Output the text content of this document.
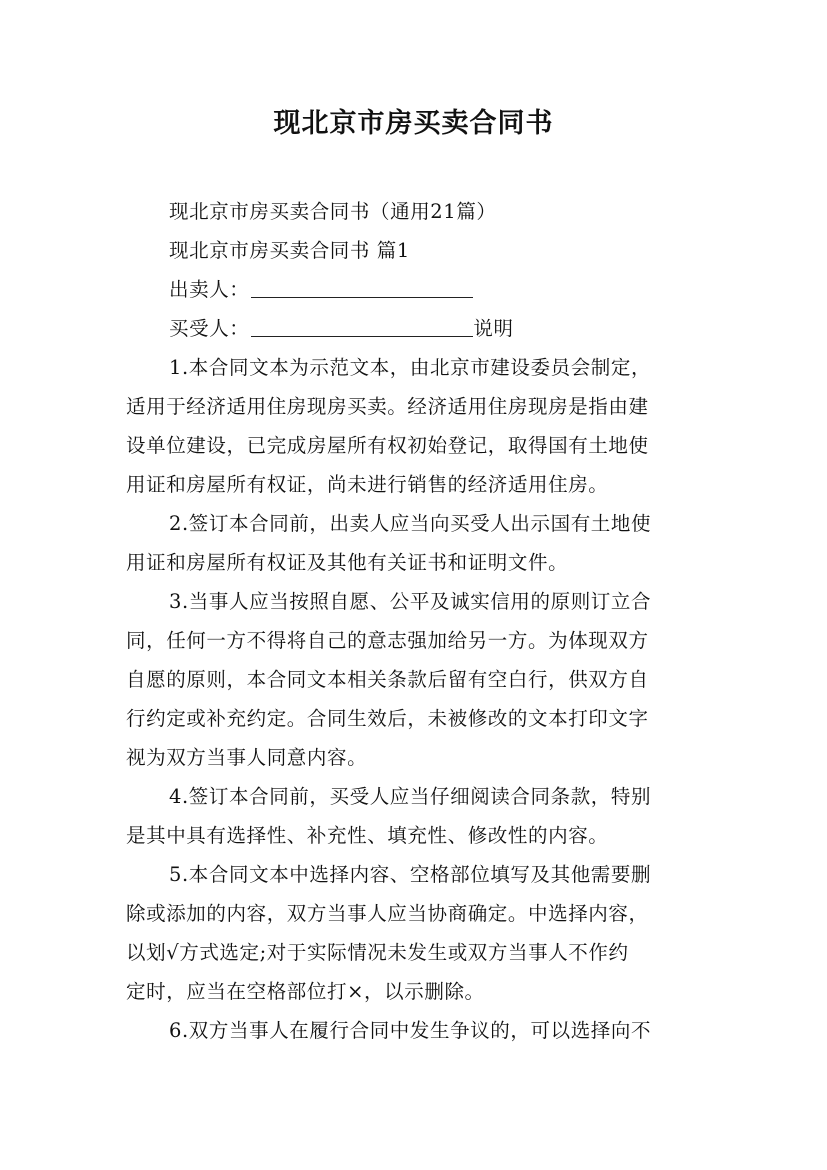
现北京市房买卖合同书
现北京市房买卖合同书（通用21篇）
现北京市房买卖合同书 篇1
出卖人：
买受人：	说明
1.本合同文本为示范文本，由北京市建设委员会制定，
适用于经济适用住房现房买卖。经济适用住房现房是指由建
设单位建设，已完成房屋所有权初始登记，取得国有土地使
用证和房屋所有权证，尚未进行销售的经济适用住房。
2.签订本合同前，出卖人应当向买受人出示国有土地使
用证和房屋所有权证及其他有关证书和证明文件。
3.当事人应当按照自愿、公平及诚实信用的原则订立合
同，任何一方不得将自己的意志强加给另一方。为体现双方
自愿的原则，本合同文本相关条款后留有空白行，供双方自
行约定或补充约定。合同生效后，未被修改的文本打印文字
视为双方当事人同意内容。
4.签订本合同前，买受人应当仔细阅读合同条款，特别
是其中具有选择性、补充性、填充性、修改性的内容。
5.本合同文本中选择内容、空格部位填写及其他需要删
除或添加的内容，双方当事人应当协商确定。中选择内容，
以划√方式选定;对于实际情况未发生或双方当事人不作约
定时，应当在空格部位打×，以示删除。
6.双方当事人在履行合同中发生争议的，可以选择向不
